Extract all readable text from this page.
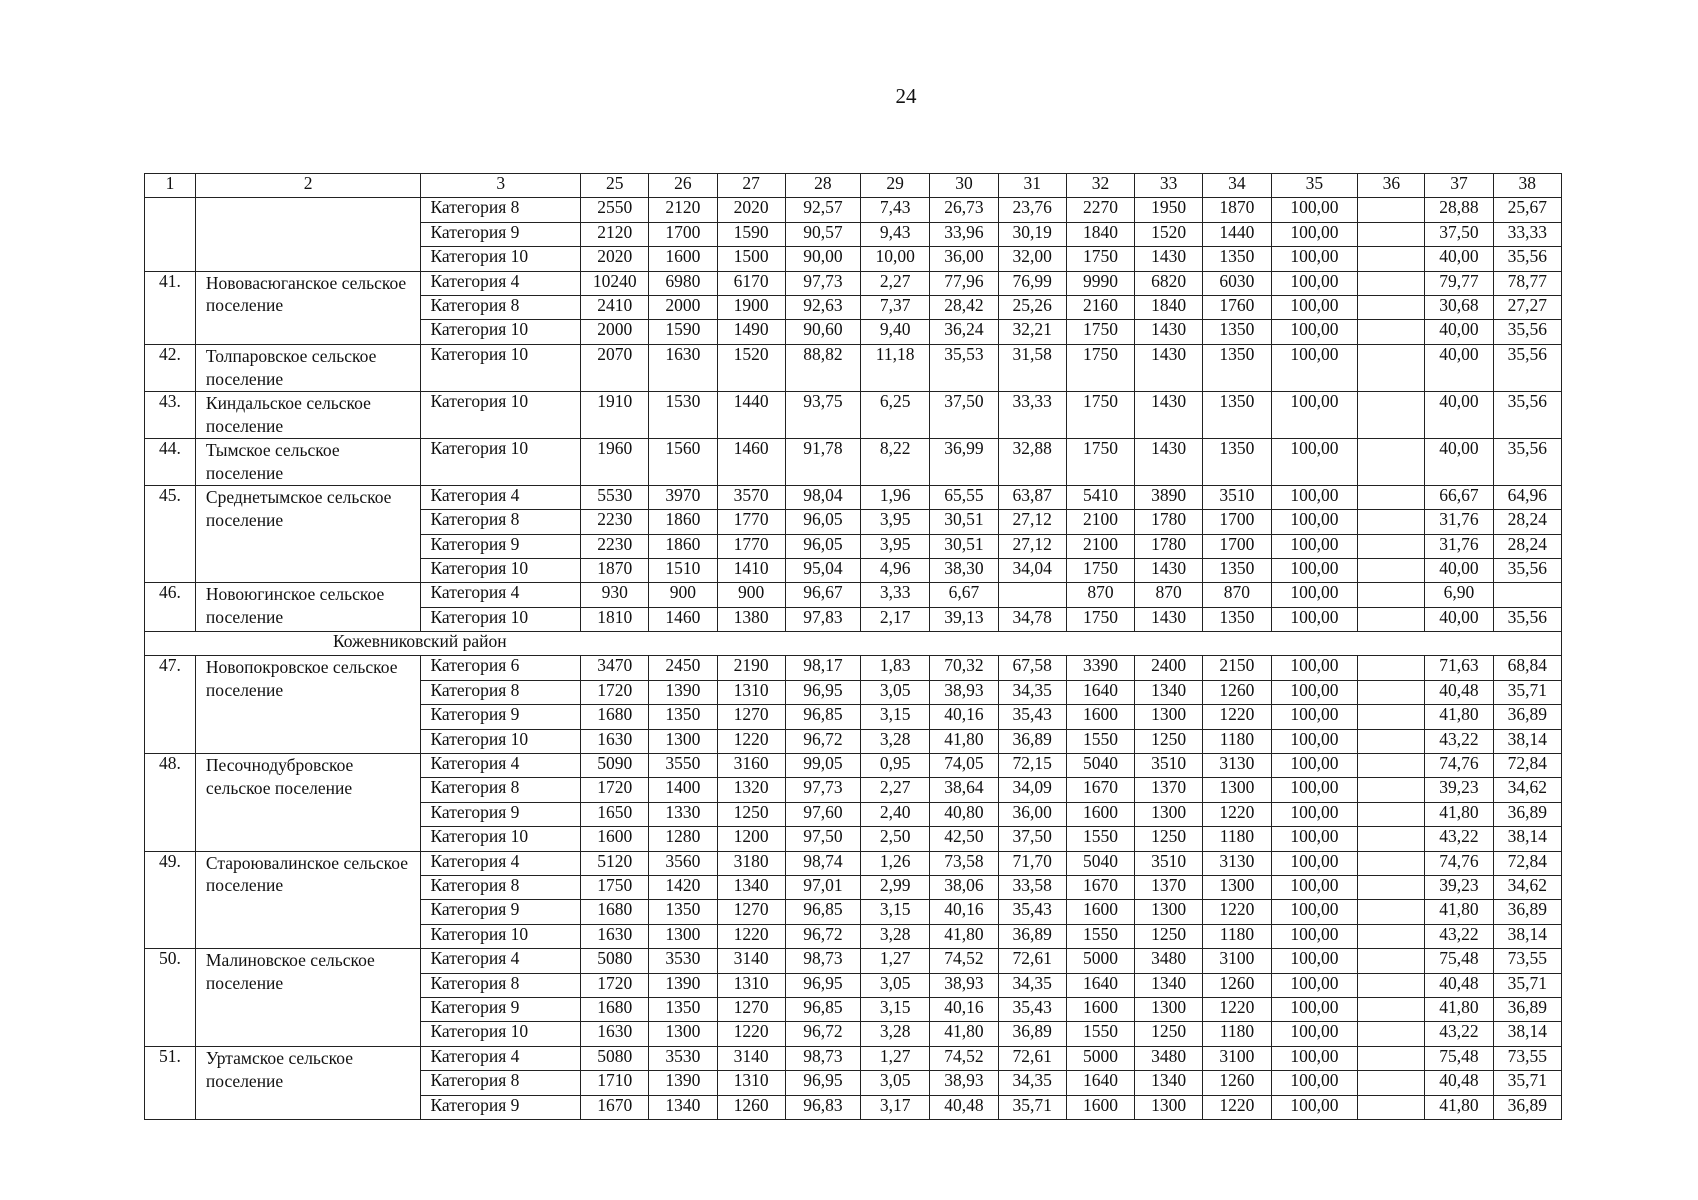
24
1	2	3	25	26	27	28	29	30	31	32	33	34	35	36	37	38
		Категория 8	2550	2120	2020	92,57	7,43	26,73	23,76	2270	1950	1870	100,00		28,88	25,67
		Категория 9	2120	1700	1590	90,57	9,43	33,96	30,19	1840	1520	1440	100,00		37,50	33,33
		Категория 10	2020	1600	1500	90,00	10,00	36,00	32,00	1750	1430	1350	100,00		40,00	35,56
41.	Нововасюганское сельское поселение	Категория 4	10240	6980	6170	97,73	2,27	77,96	76,99	9990	6820	6030	100,00		79,77	78,77
		Категория 8	2410	2000	1900	92,63	7,37	28,42	25,26	2160	1840	1760	100,00		30,68	27,27
		Категория 10	2000	1590	1490	90,60	9,40	36,24	32,21	1750	1430	1350	100,00		40,00	35,56
42.	Толпаровское сельское поселение	Категория 10	2070	1630	1520	88,82	11,18	35,53	31,58	1750	1430	1350	100,00		40,00	35,56
43.	Киндальское сельское поселение	Категория 10	1910	1530	1440	93,75	6,25	37,50	33,33	1750	1430	1350	100,00		40,00	35,56
44.	Тымское сельское поселение	Категория 10	1960	1560	1460	91,78	8,22	36,99	32,88	1750	1430	1350	100,00		40,00	35,56
45.	Среднетымское сельское поселение	Категория 4	5530	3970	3570	98,04	1,96	65,55	63,87	5410	3890	3510	100,00		66,67	64,96
		Категория 8	2230	1860	1770	96,05	3,95	30,51	27,12	2100	1780	1700	100,00		31,76	28,24
		Категория 9	2230	1860	1770	96,05	3,95	30,51	27,12	2100	1780	1700	100,00		31,76	28,24
		Категория 10	1870	1510	1410	95,04	4,96	38,30	34,04	1750	1430	1350	100,00		40,00	35,56
46.	Новоюгинское сельское поселение	Категория 4	930	900	900	96,67	3,33	6,67		870	870	870	100,00		6,90	
		Категория 10	1810	1460	1380	97,83	2,17	39,13	34,78	1750	1430	1350	100,00		40,00	35,56
Кожевниковский район																
47.	Новопокровское сельское поселение	Категория 6	3470	2450	2190	98,17	1,83	70,32	67,58	3390	2400	2150	100,00		71,63	68,84
		Категория 8	1720	1390	1310	96,95	3,05	38,93	34,35	1640	1340	1260	100,00		40,48	35,71
		Категория 9	1680	1350	1270	96,85	3,15	40,16	35,43	1600	1300	1220	100,00		41,80	36,89
		Категория 10	1630	1300	1220	96,72	3,28	41,80	36,89	1550	1250	1180	100,00		43,22	38,14
48.	Песочнодубровское сельское поселение	Категория 4	5090	3550	3160	99,05	0,95	74,05	72,15	5040	3510	3130	100,00		74,76	72,84
		Категория 8	1720	1400	1320	97,73	2,27	38,64	34,09	1670	1370	1300	100,00		39,23	34,62
		Категория 9	1650	1330	1250	97,60	2,40	40,80	36,00	1600	1300	1220	100,00		41,80	36,89
		Категория 10	1600	1280	1200	97,50	2,50	42,50	37,50	1550	1250	1180	100,00		43,22	38,14
49.	Староювалинское сельское поселение	Категория 4	5120	3560	3180	98,74	1,26	73,58	71,70	5040	3510	3130	100,00		74,76	72,84
		Категория 8	1750	1420	1340	97,01	2,99	38,06	33,58	1670	1370	1300	100,00		39,23	34,62
		Категория 9	1680	1350	1270	96,85	3,15	40,16	35,43	1600	1300	1220	100,00		41,80	36,89
		Категория 10	1630	1300	1220	96,72	3,28	41,80	36,89	1550	1250	1180	100,00		43,22	38,14
50.	Малиновское сельское поселение	Категория 4	5080	3530	3140	98,73	1,27	74,52	72,61	5000	3480	3100	100,00		75,48	73,55
		Категория 8	1720	1390	1310	96,95	3,05	38,93	34,35	1640	1340	1260	100,00		40,48	35,71
		Категория 9	1680	1350	1270	96,85	3,15	40,16	35,43	1600	1300	1220	100,00		41,80	36,89
		Категория 10	1630	1300	1220	96,72	3,28	41,80	36,89	1550	1250	1180	100,00		43,22	38,14
51.	Уртамское сельское поселение	Категория 4	5080	3530	3140	98,73	1,27	74,52	72,61	5000	3480	3100	100,00		75,48	73,55
		Категория 8	1710	1390	1310	96,95	3,05	38,93	34,35	1640	1340	1260	100,00		40,48	35,71
		Категория 9	1670	1340	1260	96,83	3,17	40,48	35,71	1600	1300	1220	100,00		41,80	36,89
